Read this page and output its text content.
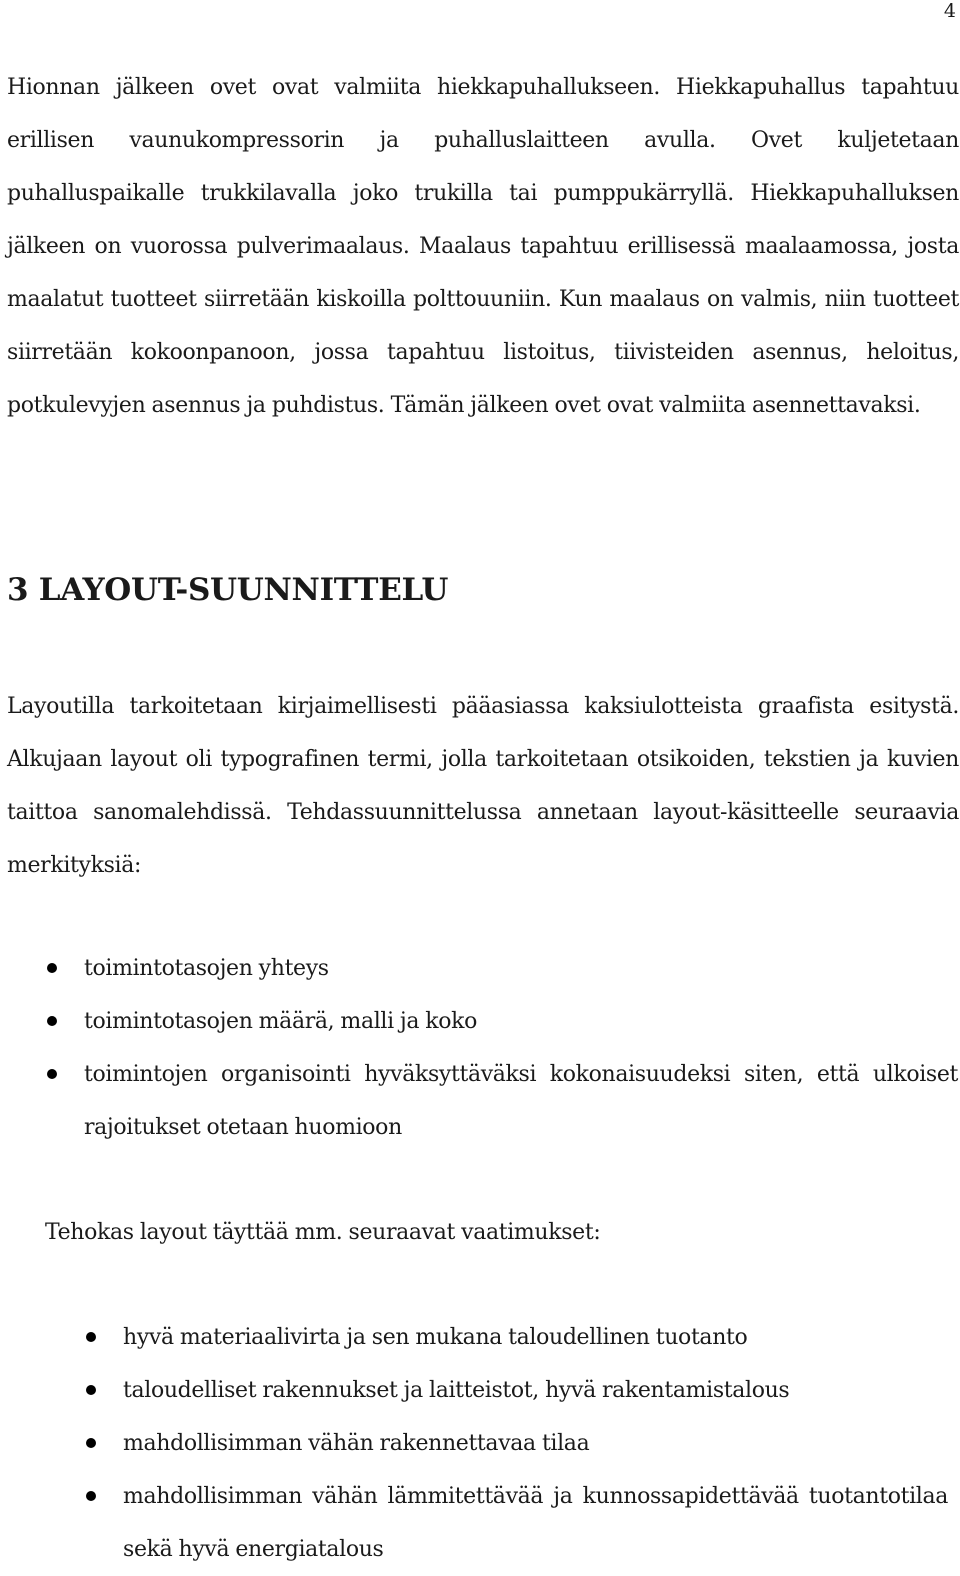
4

Hionnan jälkeen ovet ovat valmiita hiekkapuhallukseen. Hiekkapuhallus tapahtuu erillisen vaunukompressorin ja puhalluslaitteen avulla. Ovet kuljetetaan puhalluspaikalle trukkilavalla joko trukilla tai pumppukärryllä. Hiekkapuhalluksen jälkeen on vuorossa pulverimaalaus. Maalaus tapahtuu erillisessä maalaamossa, josta maalatut tuotteet siirretään kiskoilla polttouuniin. Kun maalaus on valmis, niin tuotteet siirretään kokoonpanoon, jossa tapahtuu listoitus, tiivisteiden asennus, heloitus, potkulevyjen asennus ja puhdistus. Tämän jälkeen ovet ovat valmiita asennettavaksi.

3 LAYOUT-SUUNNITTELU

Layoutilla tarkoitetaan kirjaimellisesti pääasiassa kaksiulotteista graafista esitystä. Alkujaan layout oli typografinen termi, jolla tarkoitetaan otsikoiden, tekstien ja kuvien taittoa sanomalehdissä. Tehdassuunnittelussa annetaan layout-käsitteelle seuraavia merkityksiä:

toimintotasojen yhteys
toimintotasojen määrä, malli ja koko
toimintojen organisointi hyväksyttäväksi kokonaisuudeksi siten, että ulkoiset rajoitukset otetaan huomioon

Tehokas layout täyttää mm. seuraavat vaatimukset:

hyvä materiaalivirta ja sen mukana taloudellinen tuotanto
taloudelliset rakennukset ja laitteistot, hyvä rakentamistalous
mahdollisimman vähän rakennettavaa tilaa
mahdollisimman vähän lämmitettävää ja kunnossapidettävää tuotantotilaa sekä hyvä energiatalous
